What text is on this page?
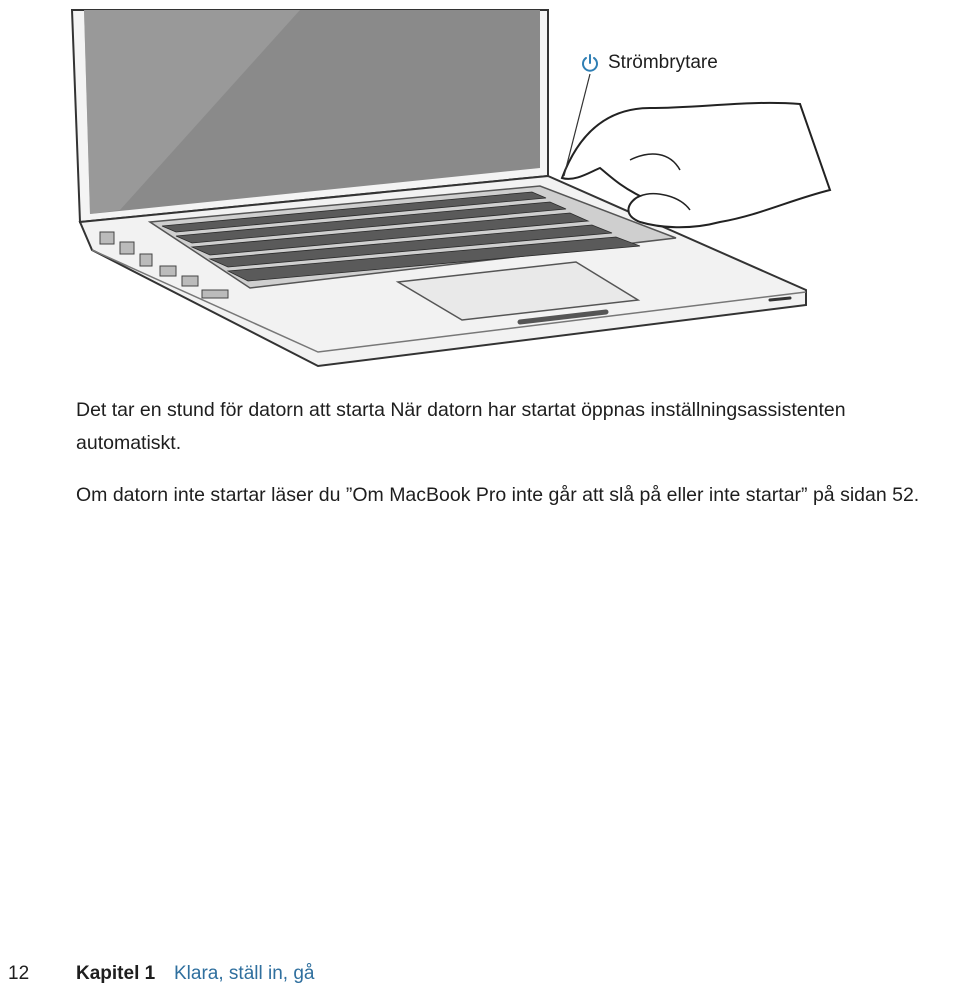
Strömbrytare

Det tar en stund för datorn att starta När datorn har startat öppnas inställningsassistenten automatiskt.

Om datorn inte startar läser du ”Om MacBook Pro inte går att slå på eller inte startar” på sidan 52.

12	Kapitel 1 Klara, ställ in, gå
